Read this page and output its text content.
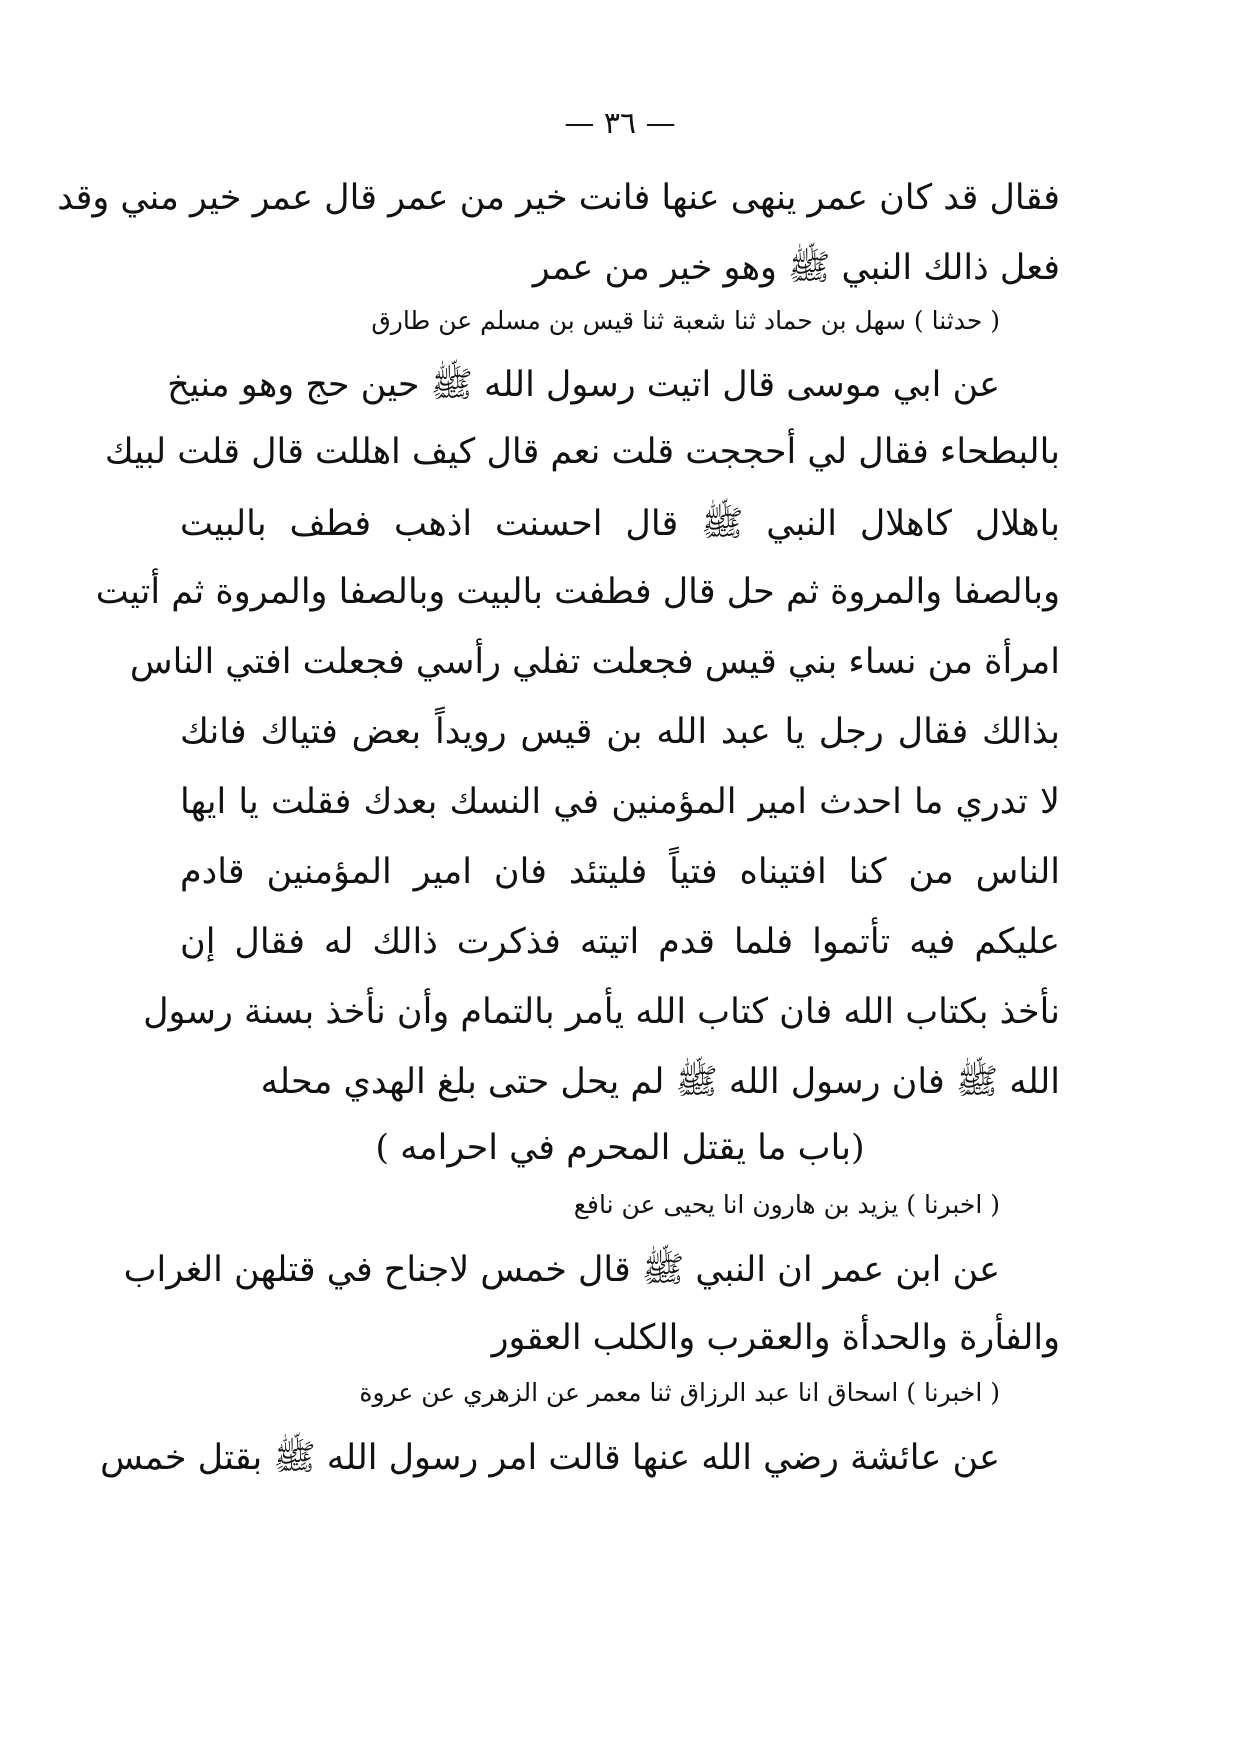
— ٣٦ —
فقال قد كان عمر ينهى عنها فانت خير من عمر قال عمر خير مني وقد
فعل ذالك النبي ﷺ وهو خير من عمر
( حدثنا ) سهل بن حماد ثنا شعبة ثنا قيس بن مسلم عن طارق
عن ابي موسى قال اتيت رسول الله ﷺ حين حج وهو منيخ
بالبطحاء فقال لي أحججت قلت نعم قال كيف اهللت قال قلت لبيك
باهلال كاهلال النبي ﷺ قال احسنت اذهب فطف بالبيت
وبالصفا والمروة ثم حل قال فطفت بالبيت وبالصفا والمروة ثم أتيت
امرأة من نساء بني قيس فجعلت تفلي رأسي فجعلت افتي الناس
بذالك فقال رجل يا عبد الله بن قيس رويداً بعض فتياك فانك
لا تدري ما احدث امير المؤمنين في النسك بعدك فقلت يا ايها
الناس من كنا افتيناه فتياً فليتئد فان امير المؤمنين قادم
عليكم فيه تأتموا فلما قدم اتيته فذكرت ذالك له فقال إن
نأخذ بكتاب الله فان كتاب الله يأمر بالتمام وأن نأخذ بسنة رسول
الله ﷺ فان رسول الله ﷺ لم يحل حتى بلغ الهدي محله
(باب ما يقتل المحرم في احرامه )
( اخبرنا ) يزيد بن هارون انا يحيى عن نافع
عن ابن عمر ان النبي ﷺ قال خمس لاجناح في قتلهن الغراب
والفأرة والحدأة والعقرب والكلب العقور
( اخبرنا ) اسحاق انا عبد الرزاق ثنا معمر عن الزهري عن عروة
عن عائشة رضي الله عنها قالت امر رسول الله ﷺ بقتل خمس
